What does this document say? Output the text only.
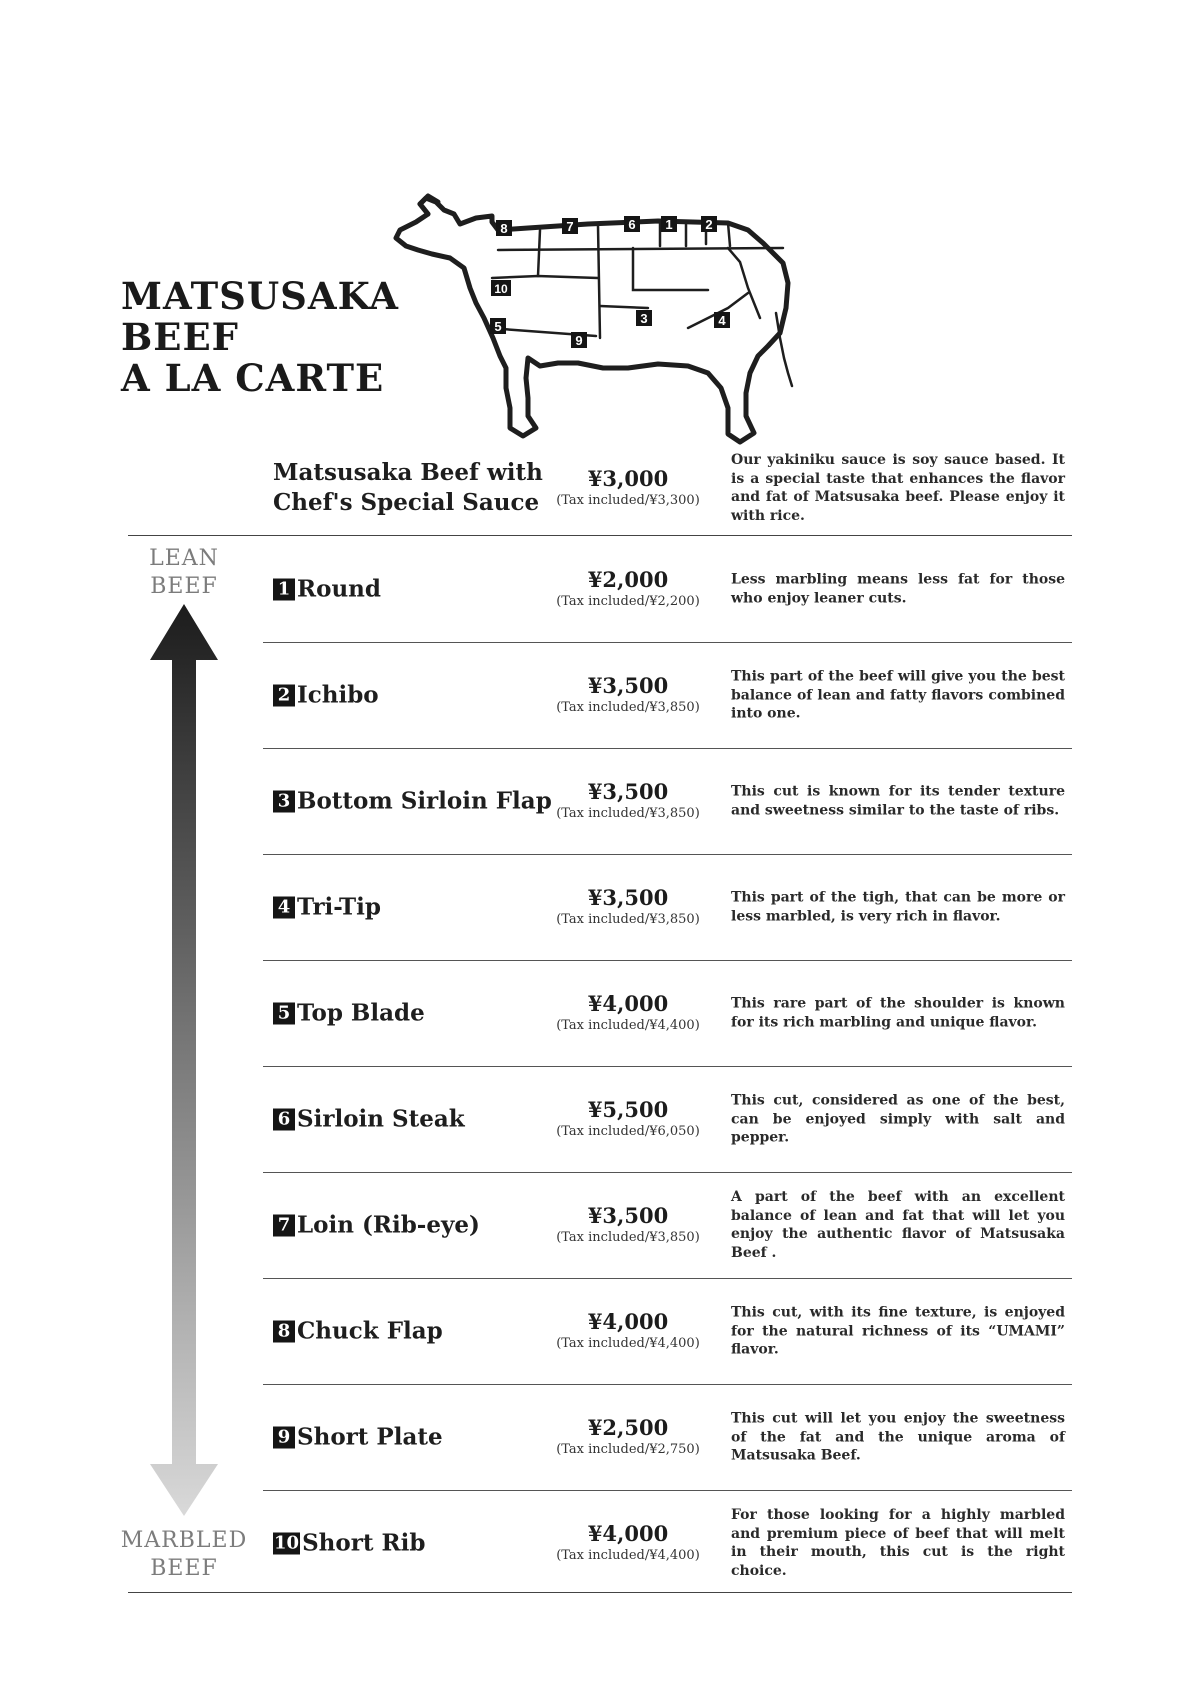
MATSUSAKA
BEEF
A LA CARTE
8	7	6 1	2
10
5
3
9
4
Matsusaka Beef with
Chef's Special Sauce
¥3,000
(Tax included/¥3,300)
Our yakiniku sauce is soy sauce based. It is a special taste that enhances the flavor and fat of Matsusaka beef. Please enjoy it with rice.
LEAN
BEEF
MARBLED
BEEF
1 Round	¥2,000
(Tax included/¥2,200)
Less marbling means less fat for those who enjoy leaner cuts.
2 Ichibo	¥3,500
(Tax included/¥3,850)
This part of the beef will give you the best balance of lean and fatty flavors combined into one.
3 Bottom Sirloin Flap	¥3,500
(Tax included/¥3,850)
This cut is known for its tender texture and sweetness similar to the taste of ribs.
4 Tri-Tip	¥3,500
(Tax included/¥3,850)
This part of the tigh, that can be more or less marbled, is very rich in flavor.
5 Top Blade	¥4,000
(Tax included/¥4,400)
This rare part of the shoulder is known for its rich marbling and unique flavor.
6 Sirloin Steak	¥5,500
(Tax included/¥6,050)
This cut, considered as one of the best, can be enjoyed simply with salt and pepper.
7 Loin (Rib-eye)	¥3,500
(Tax included/¥3,850)
A part of the beef with an excellent balance of lean and fat that will let you enjoy the authentic flavor of Matsusaka Beef .
8 Chuck Flap	¥4,000
(Tax included/¥4,400)
This cut, with its fine texture, is enjoyed for the natural richness of its “UMAMI” flavor.
9 Short Plate	¥2,500
(Tax included/¥2,750)
This cut will let you enjoy the sweetness of the fat and the unique aroma of Matsusaka Beef.
10 Short Rib	¥4,000
(Tax included/¥4,400)
For those looking for a highly marbled and premium piece of beef that will melt in their mouth, this cut is the right choice.
